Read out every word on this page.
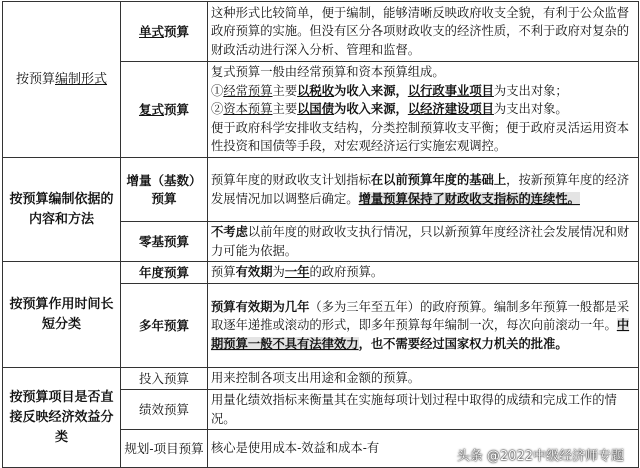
按预算编制形式	单式预算	这种形式比较简单，便于编制，能够清晰反映政府收支全貌，有利于公众监督政府预算的实施。但没有区分各项财政收支的经济性质，不利于政府对复杂的财政活动进行深入分析、管理和监督。
	复式预算	复式预算一般由经常预算和资本预算组成。
①经常预算主要以税收为收入来源，以行政事业项目为支出对象；
②资本预算主要以国债为收入来源，以经济建设项目为支出对象。
便于政府科学安排收支结构，分类控制预算收支平衡；便于政府灵活运用资本性投资和国债等手段，对宏观经济运行实施宏观调控。

按预算编制依据的内容和方法	增量（基数）预算	预算年度的财政收支计划指标在以前预算年度的基础上，按新预算年度的经济发展情况加以调整后确定。增量预算保持了财政收支指标的连续性。
	零基预算	不考虑以前年度的财政收支执行情况，只以新预算年度经济社会发展情况和财力可能为依据。
按预算作用时间长短分类	年度预算	预算有效期为一年的政府预算。
	多年预算	预算有效期为几年（多为三年至五年）的政府预算。编制多年预算一般都是采取逐年递推或滚动的形式，即多年预算每年编制一次，每次向前滚动一年。中期预算一般不具有法律效力，也不需要经过国家权力机关的批准。
按预算项目是否直接反映经济效益分类	投入预算	用来控制各项支出用途和金额的预算。
	绩效预算	用量化绩效指标来衡量其在实施每项计划过程中取得的成绩和完成工作的情况。
	规划-项目预算	核心是使用成本-效益和成本-有
头条 @2022中级经济师专题
